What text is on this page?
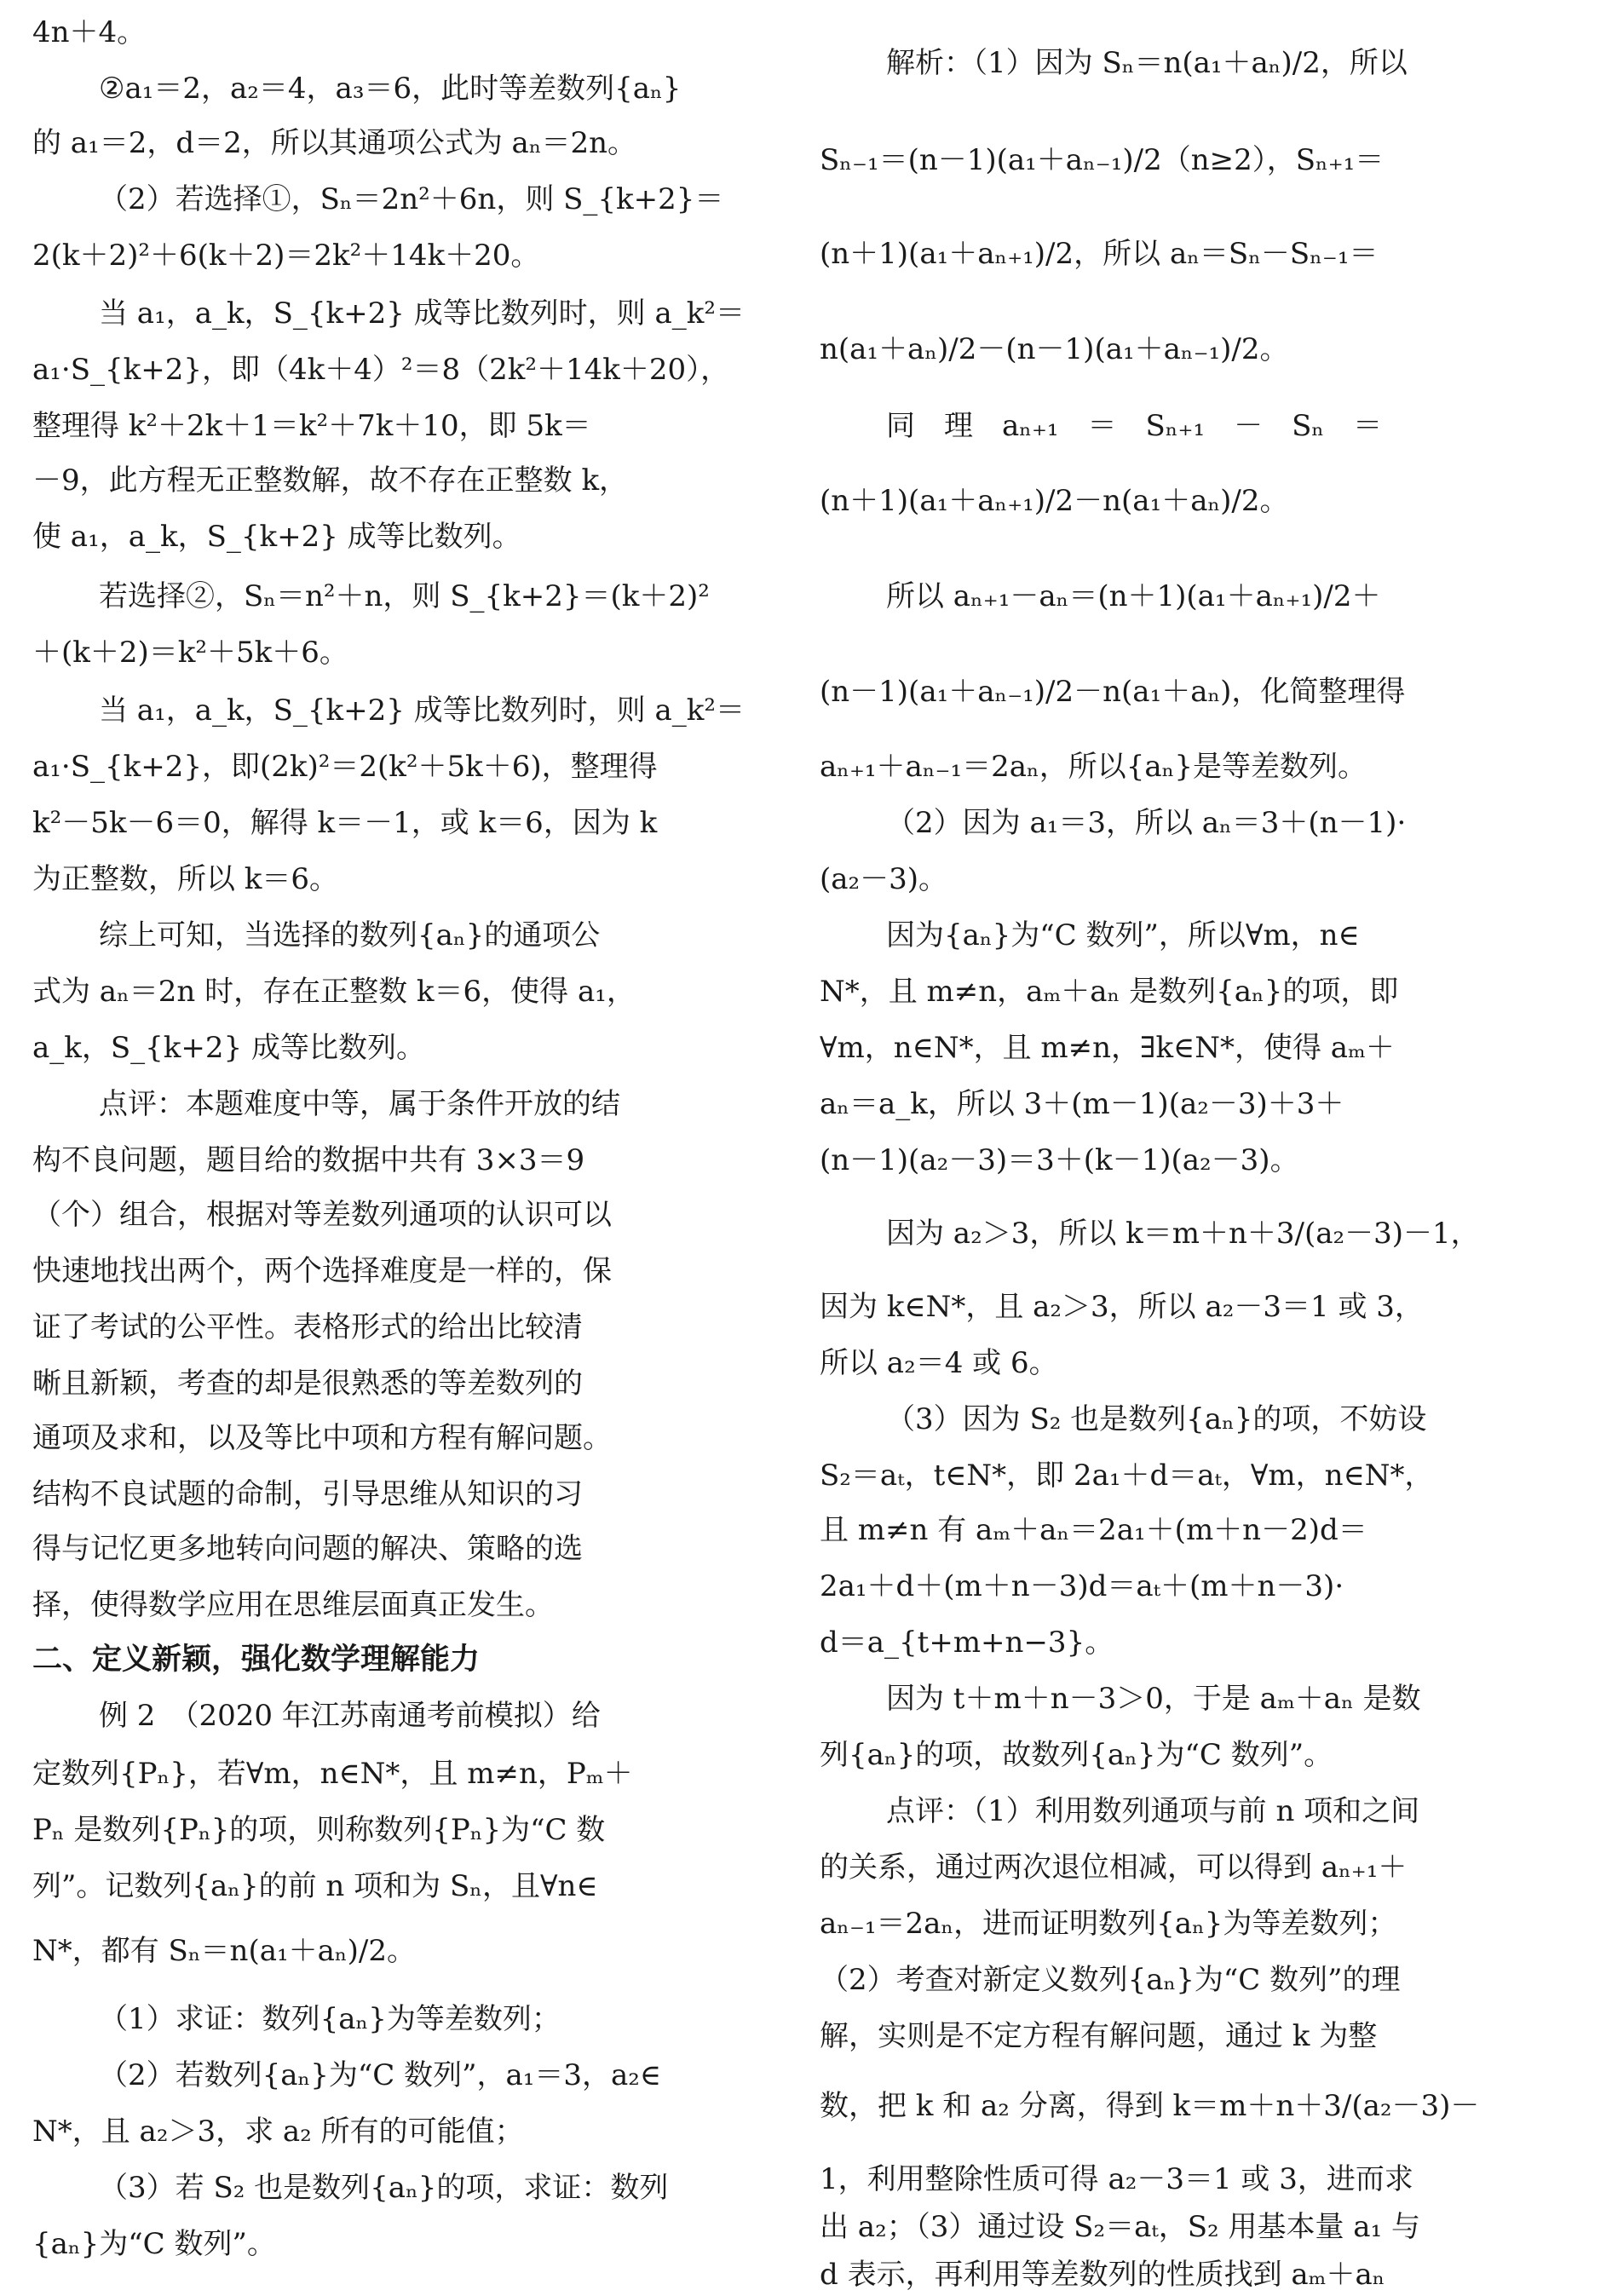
4n＋4。
②a₁＝2，a₂＝4，a₃＝6，此时等差数列{aₙ}
的 a₁＝2，d＝2，所以其通项公式为 aₙ＝2n。
（2）若选择①，Sₙ＝2n²＋6n，则 S_{k+2}＝
2(k＋2)²＋6(k＋2)＝2k²＋14k＋20。
当 a₁，a_k，S_{k+2} 成等比数列时，则 a_k²＝
a₁·S_{k+2}，即（4k＋4）²＝8（2k²＋14k＋20），
整理得 k²＋2k＋1＝k²＋7k＋10，即 5k＝
－9，此方程无正整数解，故不存在正整数 k，
使 a₁，a_k，S_{k+2} 成等比数列。
若选择②，Sₙ＝n²＋n，则 S_{k+2}＝(k＋2)²
＋(k＋2)＝k²＋5k＋6。
当 a₁，a_k，S_{k+2} 成等比数列时，则 a_k²＝
a₁·S_{k+2}，即(2k)²＝2(k²＋5k＋6)，整理得
k²－5k－6＝0，解得 k＝－1，或 k＝6，因为 k
为正整数，所以 k＝6。
综上可知，当选择的数列{aₙ}的通项公
式为 aₙ＝2n 时，存在正整数 k＝6，使得 a₁，
a_k，S_{k+2} 成等比数列。
点评：本题难度中等，属于条件开放的结
构不良问题，题目给的数据中共有 3×3＝9
（个）组合，根据对等差数列通项的认识可以
快速地找出两个，两个选择难度是一样的，保
证了考试的公平性。表格形式的给出比较清
晰且新颖，考查的却是很熟悉的等差数列的
通项及求和，以及等比中项和方程有解问题。
结构不良试题的命制，引导思维从知识的习
得与记忆更多地转向问题的解决、策略的选
择，使得数学应用在思维层面真正发生。
二、定义新颖，强化数学理解能力
例 2　（2020 年江苏南通考前模拟）给
定数列{Pₙ}，若∀m，n∈N*，且 m≠n，Pₘ＋
Pₙ 是数列{Pₙ}的项，则称数列{Pₙ}为“C 数
列”。记数列{aₙ}的前 n 项和为 Sₙ，且∀n∈
N*，都有 Sₙ＝n(a₁＋aₙ)/2。
（1）求证：数列{aₙ}为等差数列；
（2）若数列{aₙ}为“C 数列”，a₁＝3，a₂∈
N*，且 a₂＞3，求 a₂ 所有的可能值；
（3）若 S₂ 也是数列{aₙ}的项，求证：数列
{aₙ}为“C 数列”。
解析：（1）因为 Sₙ＝n(a₁＋aₙ)/2，所以
Sₙ₋₁＝(n－1)(a₁＋aₙ₋₁)/2（n≥2），Sₙ₊₁＝
(n＋1)(a₁＋aₙ₊₁)/2，所以 aₙ＝Sₙ－Sₙ₋₁＝
n(a₁＋aₙ)/2－(n－1)(a₁＋aₙ₋₁)/2。
同　理　aₙ₊₁　＝　Sₙ₊₁　－　Sₙ　＝
(n＋1)(a₁＋aₙ₊₁)/2－n(a₁＋aₙ)/2。
所以 aₙ₊₁－aₙ＝(n＋1)(a₁＋aₙ₊₁)/2＋
(n－1)(a₁＋aₙ₋₁)/2－n(a₁＋aₙ)，化简整理得
aₙ₊₁＋aₙ₋₁＝2aₙ，所以{aₙ}是等差数列。
（2）因为 a₁＝3，所以 aₙ＝3＋(n－1)·
(a₂－3)。
因为{aₙ}为“C 数列”，所以∀m，n∈
N*，且 m≠n，aₘ＋aₙ 是数列{aₙ}的项，即
∀m，n∈N*，且 m≠n，∃k∈N*，使得 aₘ＋
aₙ＝a_k，所以 3＋(m－1)(a₂－3)＋3＋
(n－1)(a₂－3)＝3＋(k－1)(a₂－3)。
因为 a₂＞3，所以 k＝m＋n＋3/(a₂－3)－1，
因为 k∈N*，且 a₂＞3，所以 a₂－3＝1 或 3，
所以 a₂＝4 或 6。
（3）因为 S₂ 也是数列{aₙ}的项，不妨设
S₂＝aₜ，t∈N*，即 2a₁＋d＝aₜ，∀m，n∈N*，
且 m≠n 有 aₘ＋aₙ＝2a₁＋(m＋n－2)d＝
2a₁＋d＋(m＋n－3)d＝aₜ＋(m＋n－3)·
d＝a_{t+m+n−3}。
因为 t＋m＋n－3＞0，于是 aₘ＋aₙ 是数
列{aₙ}的项，故数列{aₙ}为“C 数列”。
点评：（1）利用数列通项与前 n 项和之间
的关系，通过两次退位相减，可以得到 aₙ₊₁＋
aₙ₋₁＝2aₙ，进而证明数列{aₙ}为等差数列；
（2）考查对新定义数列{aₙ}为“C 数列”的理
解，实则是不定方程有解问题，通过 k 为整
数，把 k 和 a₂ 分离，得到 k＝m＋n＋3/(a₂－3)－
1，利用整除性质可得 a₂－3＝1 或 3，进而求
出 a₂；（3）通过设 S₂＝aₜ，S₂ 用基本量 a₁ 与
d 表示，再利用等差数列的性质找到 aₘ＋aₙ
